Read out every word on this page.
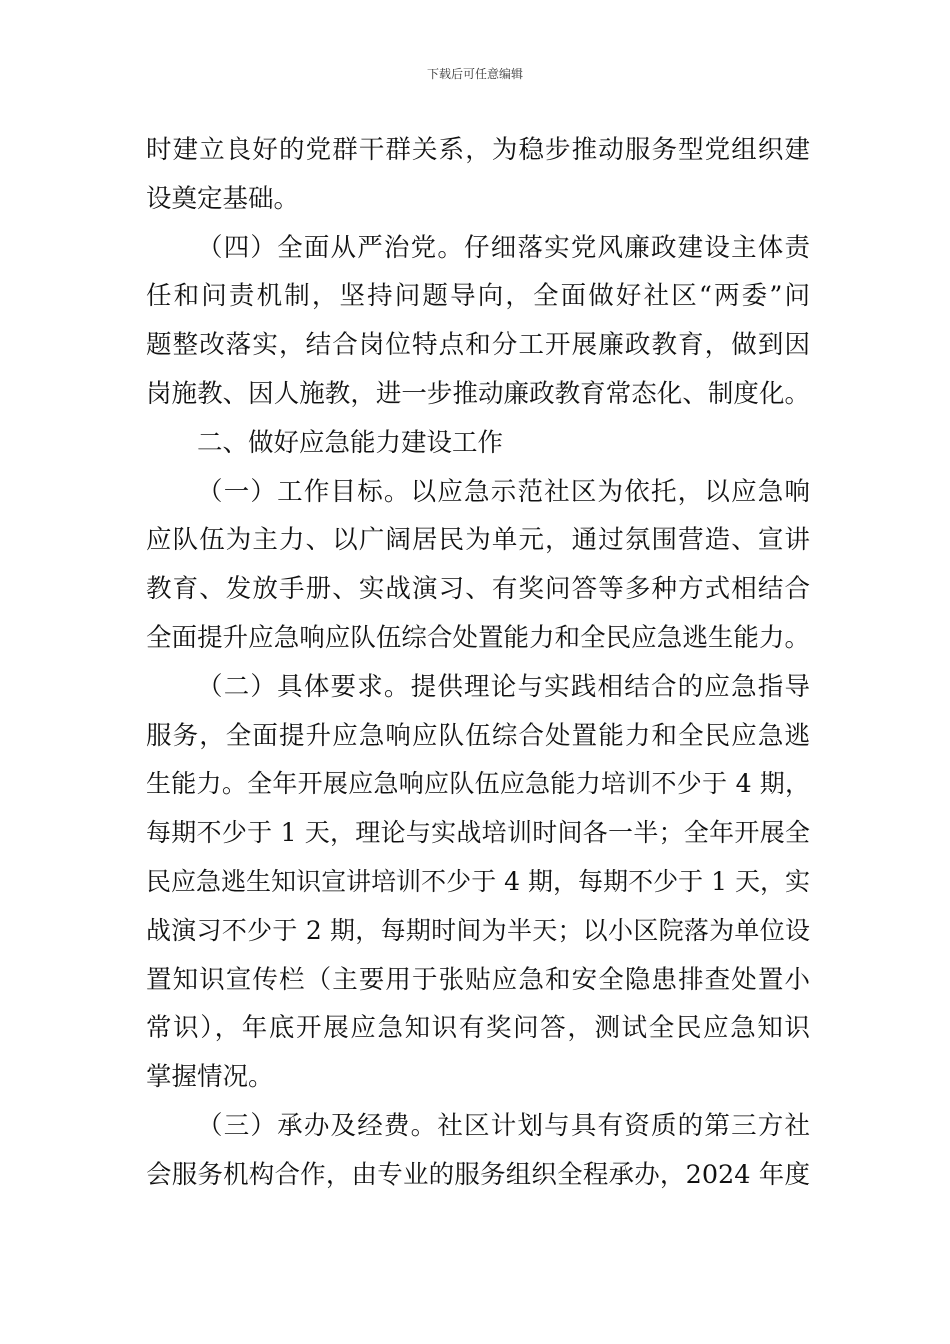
下载后可任意编辑
时建立良好的党群干群关系，为稳步推动服务型党组织建
设奠定基础。
（四）全面从严治党。仔细落实党风廉政建设主体责
任和问责机制，坚持问题导向，全面做好社区“两委”问
题整改落实，结合岗位特点和分工开展廉政教育，做到因
岗施教、因人施教，进一步推动廉政教育常态化、制度化。
二、做好应急能力建设工作
（一）工作目标。以应急示范社区为依托，以应急响
应队伍为主力、以广阔居民为单元，通过氛围营造、宣讲
教育、发放手册、实战演习、有奖问答等多种方式相结合
全面提升应急响应队伍综合处置能力和全民应急逃生能力。
（二）具体要求。提供理论与实践相结合的应急指导
服务，全面提升应急响应队伍综合处置能力和全民应急逃
生能力。全年开展应急响应队伍应急能力培训不少于 4 期，
每期不少于 1 天，理论与实战培训时间各一半；全年开展全
民应急逃生知识宣讲培训不少于 4 期，每期不少于 1 天，实
战演习不少于 2 期，每期时间为半天；以小区院落为单位设
置知识宣传栏（主要用于张贴应急和安全隐患排查处置小
常识），年底开展应急知识有奖问答，测试全民应急知识
掌握情况。
（三）承办及经费。社区计划与具有资质的第三方社
会服务机构合作，由专业的服务组织全程承办，2024 年度
